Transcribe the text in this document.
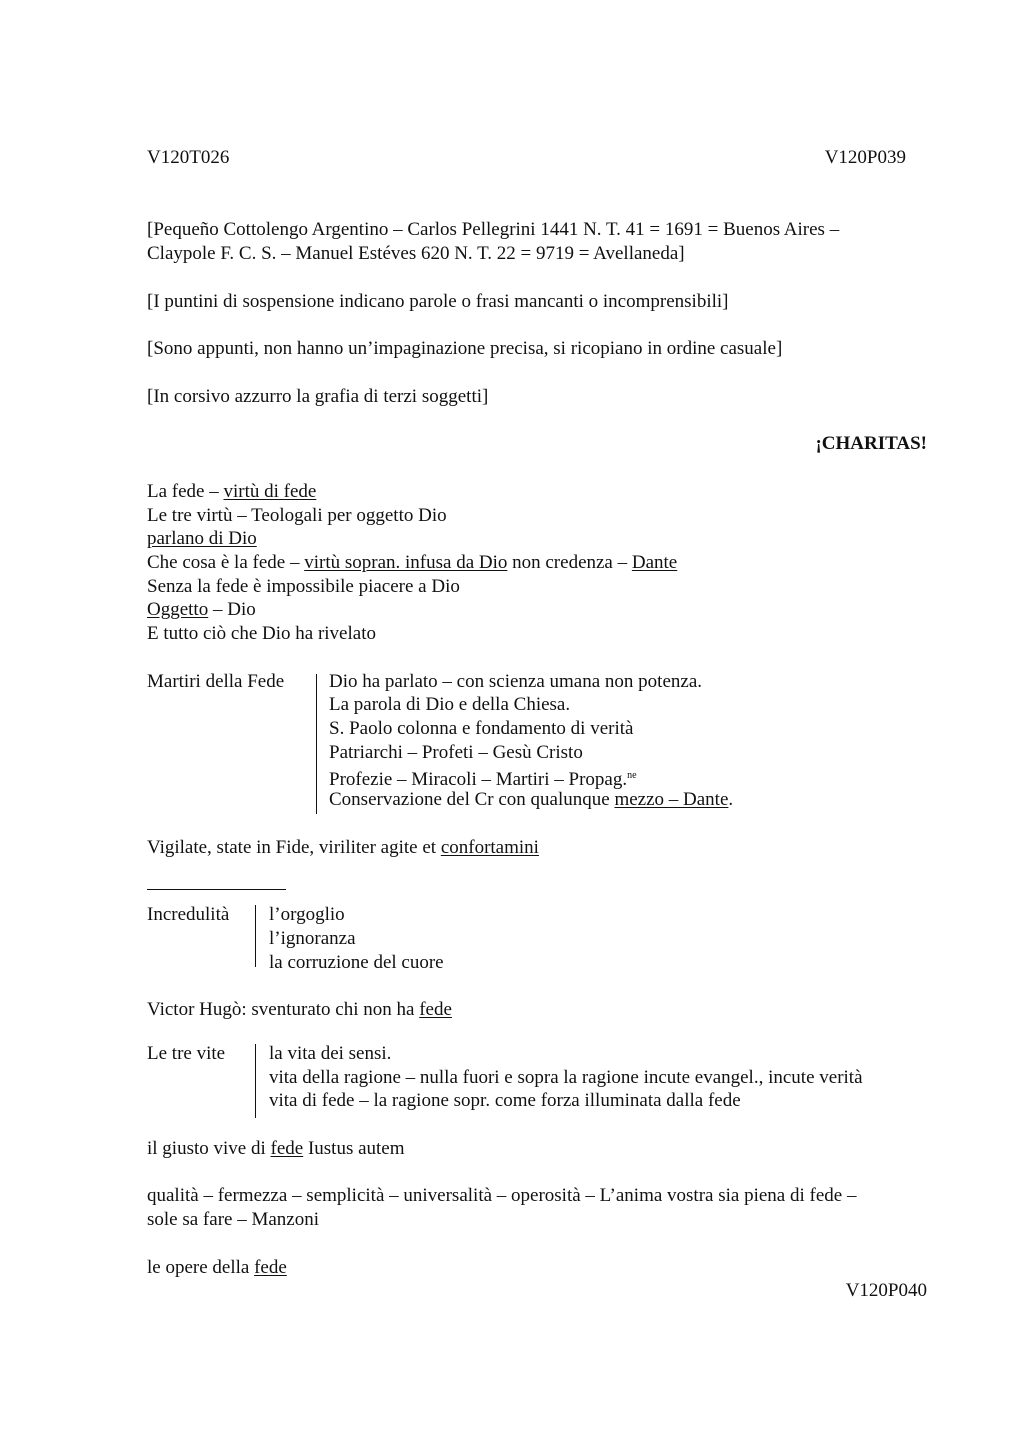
V120T026	V120P039
[Pequeño Cottolengo Argentino – Carlos Pellegrini 1441 N. T. 41 = 1691 = Buenos Aires –
Claypole F. C. S. – Manuel Estéves 620 N. T. 22 = 9719 = Avellaneda]
[I puntini di sospensione indicano parole o frasi mancanti o incomprensibili]
[Sono appunti, non hanno un’impaginazione precisa, si ricopiano in ordine casuale]
[In corsivo azzurro la grafia di terzi soggetti]
¡CHARITAS!
La fede – virtù di fede
Le tre virtù – Teologali per oggetto Dio
parlano di Dio
Che cosa è la fede – virtù sopran. infusa da Dio non credenza – Dante
Senza la fede è impossibile piacere a Dio
Oggetto – Dio
E tutto ciò che Dio ha rivelato
Martiri della Fede Dio ha parlato – con scienza umana non potenza.
La parola di Dio e della Chiesa.
S. Paolo colonna e fondamento di verità
Patriarchi – Profeti – Gesù Cristo
Profezie – Miracoli – Martiri – Propag.$^{ne}$
Conservazione del Cr con qualunque mezzo – Dante.
Vigilate, state in Fide, viriliter agite et confortamini
Incredulità l’orgoglio
l’ignoranza
la corruzione del cuore
Victor Hugò: sventurato chi non ha fede
Le tre vite la vita dei sensi.
vita della ragione – nulla fuori e sopra la ragione incute evangel., incute verità
vita di fede – la ragione sopr. come forza illuminata dalla fede
il giusto vive di fede Iustus autem
qualità – fermezza – semplicità – universalità – operosità – L’anima vostra sia piena di fede –
sole sa fare – Manzoni
le opere della fede
V120P040
